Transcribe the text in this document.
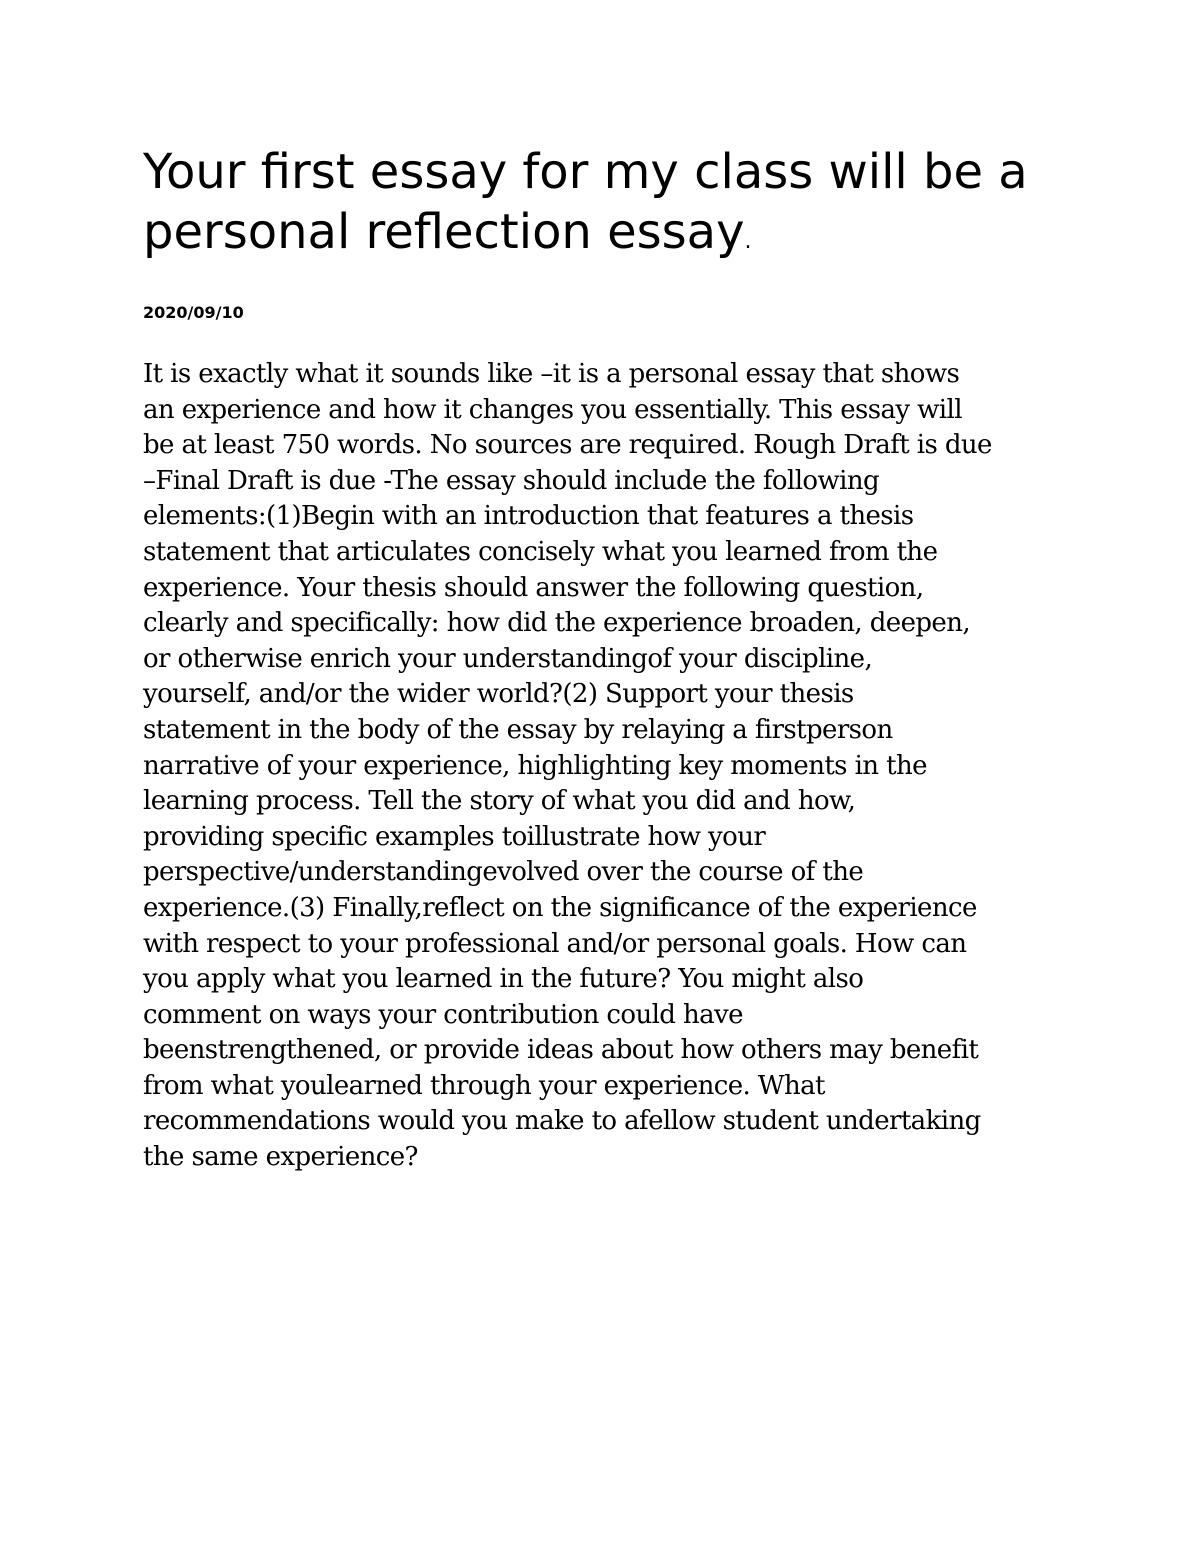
Your first essay for my class will be a personal reflection essay.

2020/09/10

It is exactly what it sounds like –it is a personal essay that shows
an experience and how it changes you essentially. This essay will
be at least 750 words. No sources are required. Rough Draft is due
–Final Draft is due -The essay should include the following
elements:(1)Begin with an introduction that features a thesis
statement that articulates concisely what you learned from the
experience. Your thesis should answer the following question,
clearly and specifically: how did the experience broaden, deepen,
or otherwise enrich your understandingof your discipline,
yourself, and/or the wider world?(2) Support your thesis
statement in the body of the essay by relaying a firstperson
narrative of your experience, highlighting key moments in the
learning process. Tell the story of what you did and how,
providing specific examples toillustrate how your
perspective/understandingevolved over the course of the
experience.(3) Finally,reflect on the significance of the experience
with respect to your professional and/or personal goals. How can
you apply what you learned in the future? You might also
comment on ways your contribution could have
beenstrengthened, or provide ideas about how others may benefit
from what youlearned through your experience. What
recommendations would you make to afellow student undertaking
the same experience?
